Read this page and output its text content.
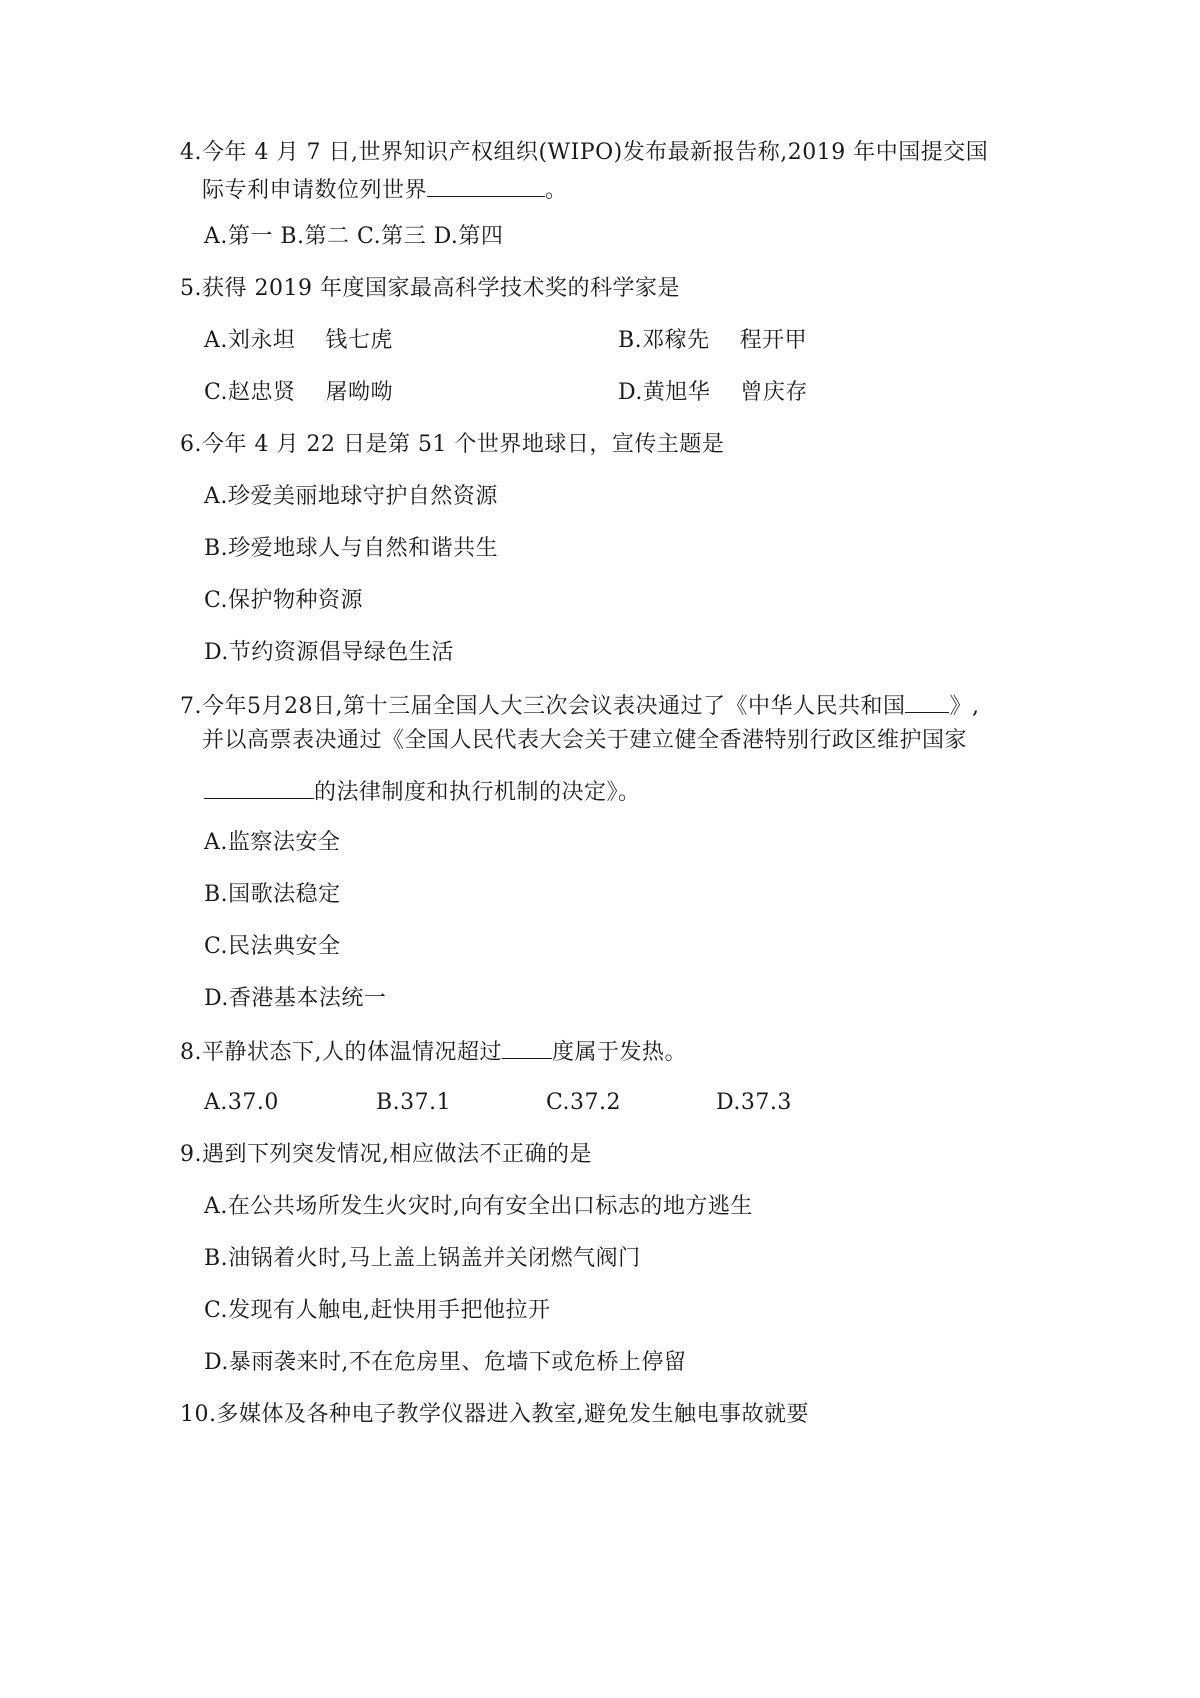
4.今年 4 月 7 日,世界知识产权组织(WIPO)发布最新报告称,2019 年中国提交国
际专利申请数位列世界	。
A.第一 B.第二 C.第三 D.第四
5.获得 2019 年度国家最高科学技术奖的科学家是
A.刘永坦 钱七虎	B.邓稼先 程开甲
C.赵忠贤 屠呦呦	D.黄旭华 曾庆存
6.今年 4 月 22 日是第 51 个世界地球日，宣传主题是
A.珍爱美丽地球守护自然资源
B.珍爱地球人与自然和谐共生
C.保护物种资源
D.节约资源倡导绿色生活
7.今年5月28日,第十三届全国人大三次会议表决通过了《中华人民共和国 》,
并以高票表决通过《全国人民代表大会关于建立健全香港特别行政区维护国家
的法律制度和执行机制的决定》。
A.监察法安全
B.国歌法稳定
C.民法典安全
D.香港基本法统一
8.平静状态下,人的体温情况超过 度属于发热。
A.37.0	B.37.1	C.37.2	D.37.3
9.遇到下列突发情况,相应做法不正确的是
A.在公共场所发生火灾时,向有安全出口标志的地方逃生
B.油锅着火时,马上盖上锅盖并关闭燃气阀门
C.发现有人触电,赶快用手把他拉开
D.暴雨袭来时,不在危房里、危墙下或危桥上停留
10.多媒体及各种电子教学仪器进入教室,避免发生触电事故就要
